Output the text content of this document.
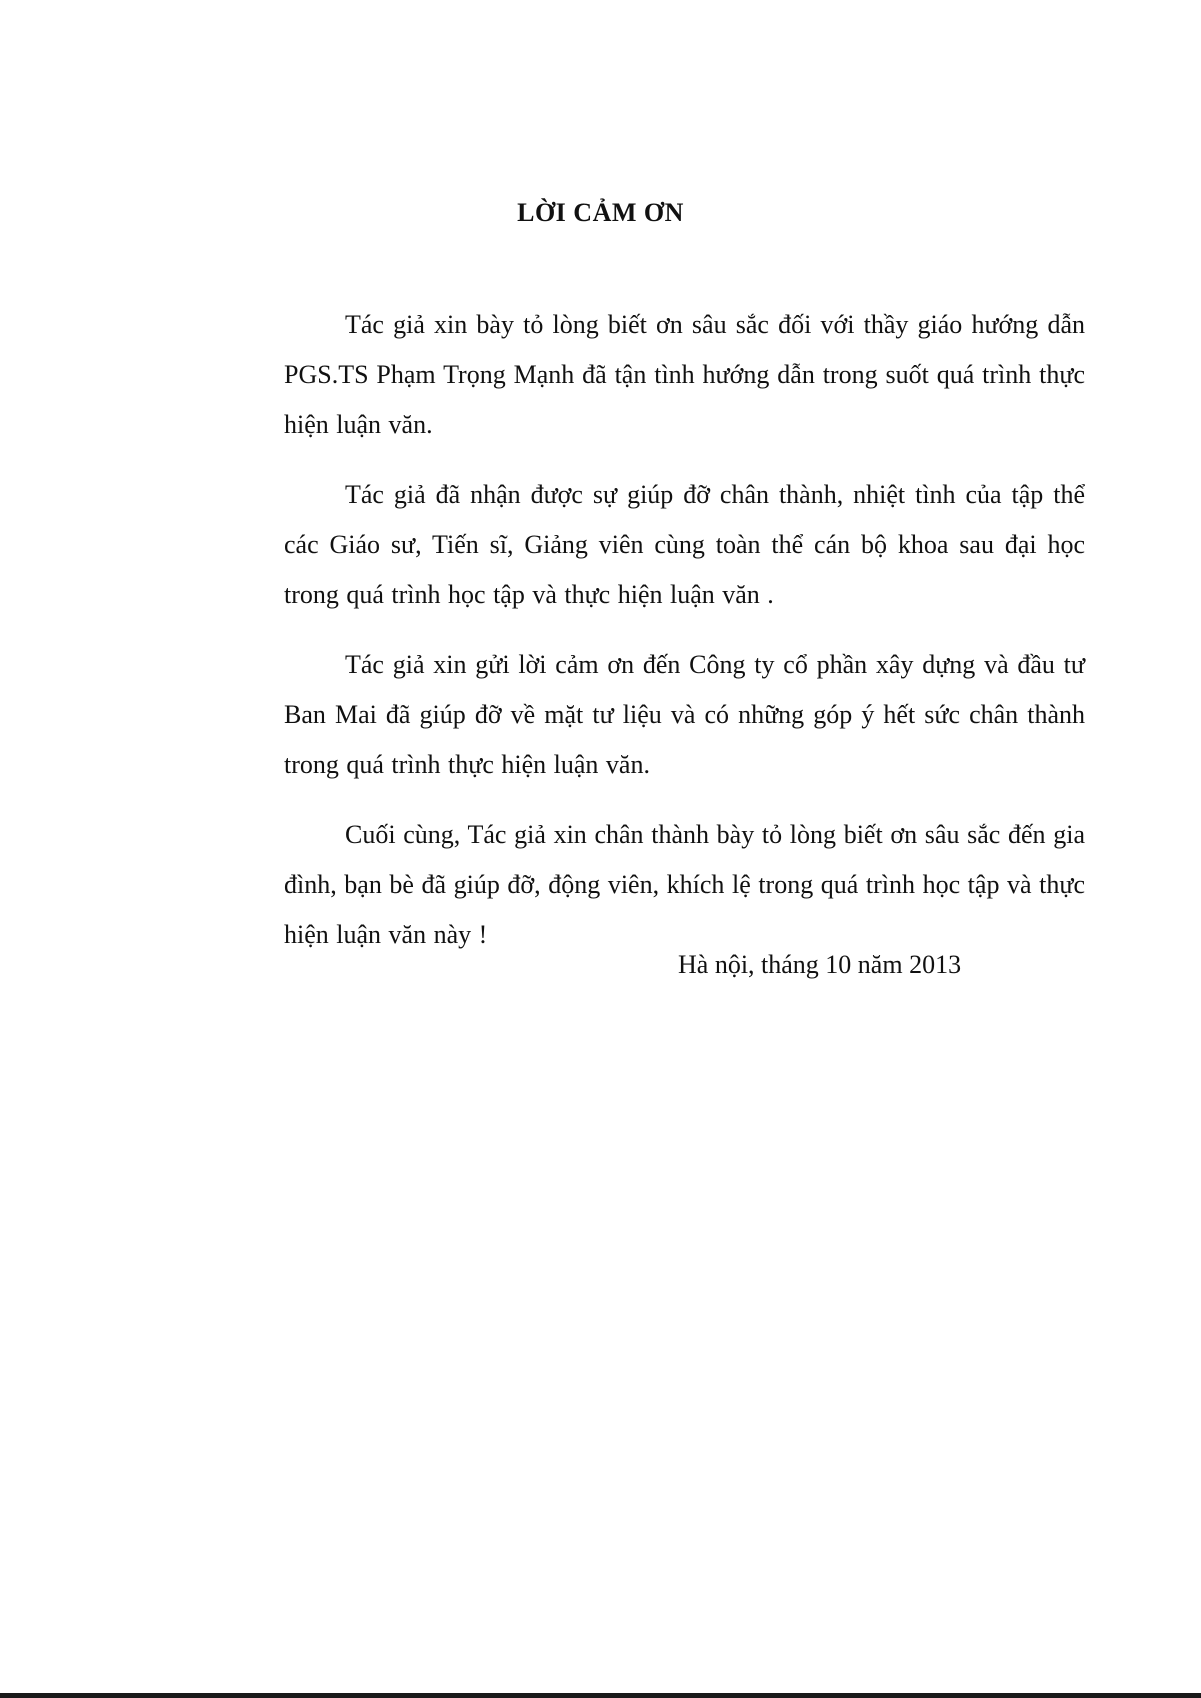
LỜI CẢM ƠN

Tác giả xin bày tỏ lòng biết ơn sâu sắc đối với thầy giáo hướng dẫn PGS.TS Phạm Trọng Mạnh đã tận tình hướng dẫn trong suốt quá trình thực hiện luận văn.

Tác giả đã nhận được sự giúp đỡ chân thành, nhiệt tình của tập thể các Giáo sư, Tiến sĩ, Giảng viên cùng toàn thể cán bộ khoa sau đại học trong quá trình học tập và thực hiện luận văn .

Tác giả xin gửi lời cảm ơn đến Công ty cổ phần xây dựng và đầu tư Ban Mai đã giúp đỡ về mặt tư liệu và có những góp ý hết sức chân thành trong quá trình thực hiện luận văn.

Cuối cùng, Tác giả xin chân thành bày tỏ lòng biết ơn sâu sắc đến gia đình, bạn bè đã giúp đỡ, động viên, khích lệ trong quá trình học tập và thực hiện luận văn này !

Hà nội, tháng 10 năm 2013
